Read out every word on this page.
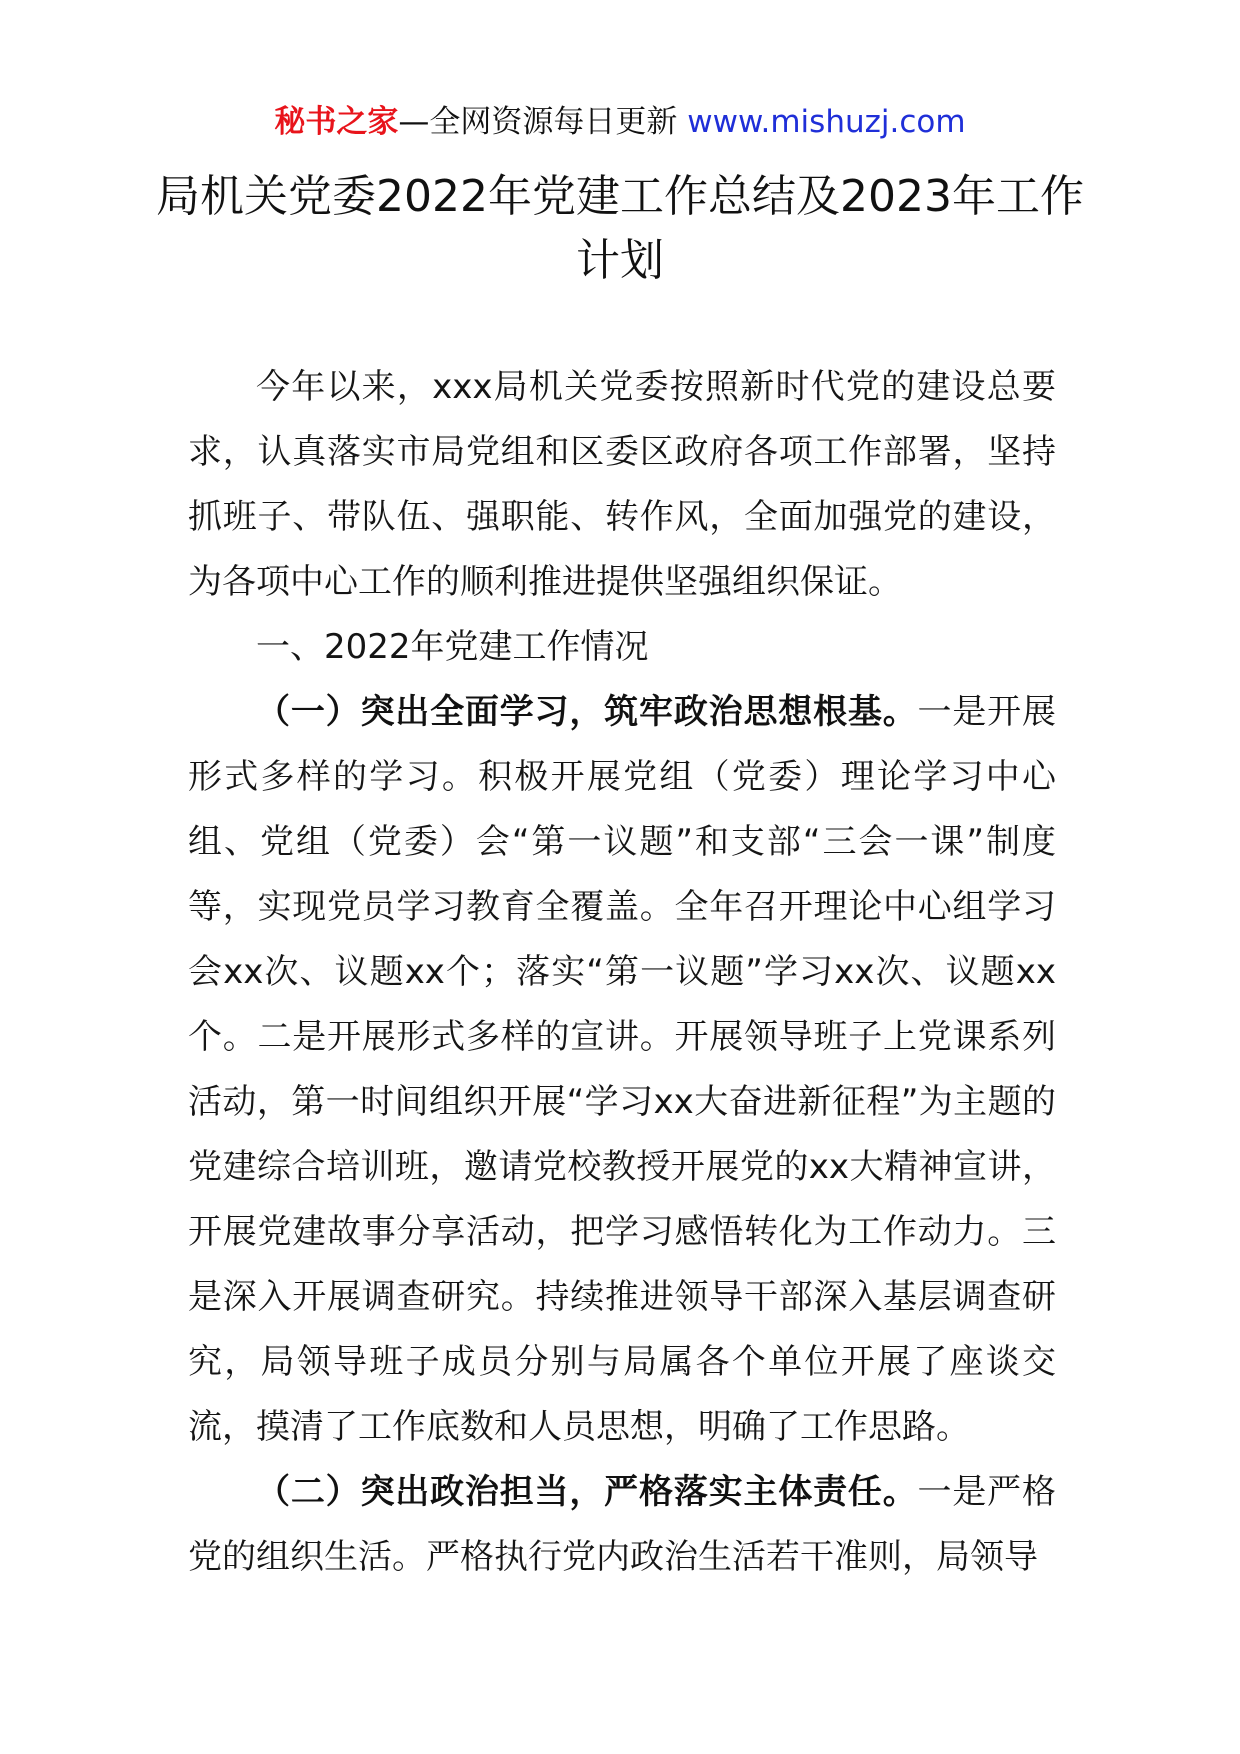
秘书之家—全网资源每日更新 www.mishuzj.com
局机关党委2022年党建工作总结及2023年工作计划

今年以来，xxx局机关党委按照新时代党的建设总要求，认真落实市局党组和区委区政府各项工作部署，坚持抓班子、带队伍、强职能、转作风，全面加强党的建设，为各项中心工作的顺利推进提供坚强组织保证。

一、2022年党建工作情况

（一）突出全面学习，筑牢政治思想根基。一是开展形式多样的学习。积极开展党组（党委）理论学习中心组、党组（党委）会“第一议题”和支部“三会一课”制度等，实现党员学习教育全覆盖。全年召开理论中心组学习会xx次、议题xx个；落实“第一议题”学习xx次、议题xx个。二是开展形式多样的宣讲。开展领导班子上党课系列活动，第一时间组织开展“学习xx大奋进新征程”为主题的党建综合培训班，邀请党校教授开展党的xx大精神宣讲，开展党建故事分享活动，把学习感悟转化为工作动力。三是深入开展调查研究。持续推进领导干部深入基层调查研究，局领导班子成员分别与局属各个单位开展了座谈交流，摸清了工作底数和人员思想，明确了工作思路。

（二）突出政治担当，严格落实主体责任。一是严格党的组织生活。严格执行党内政治生活若干准则，局领导
